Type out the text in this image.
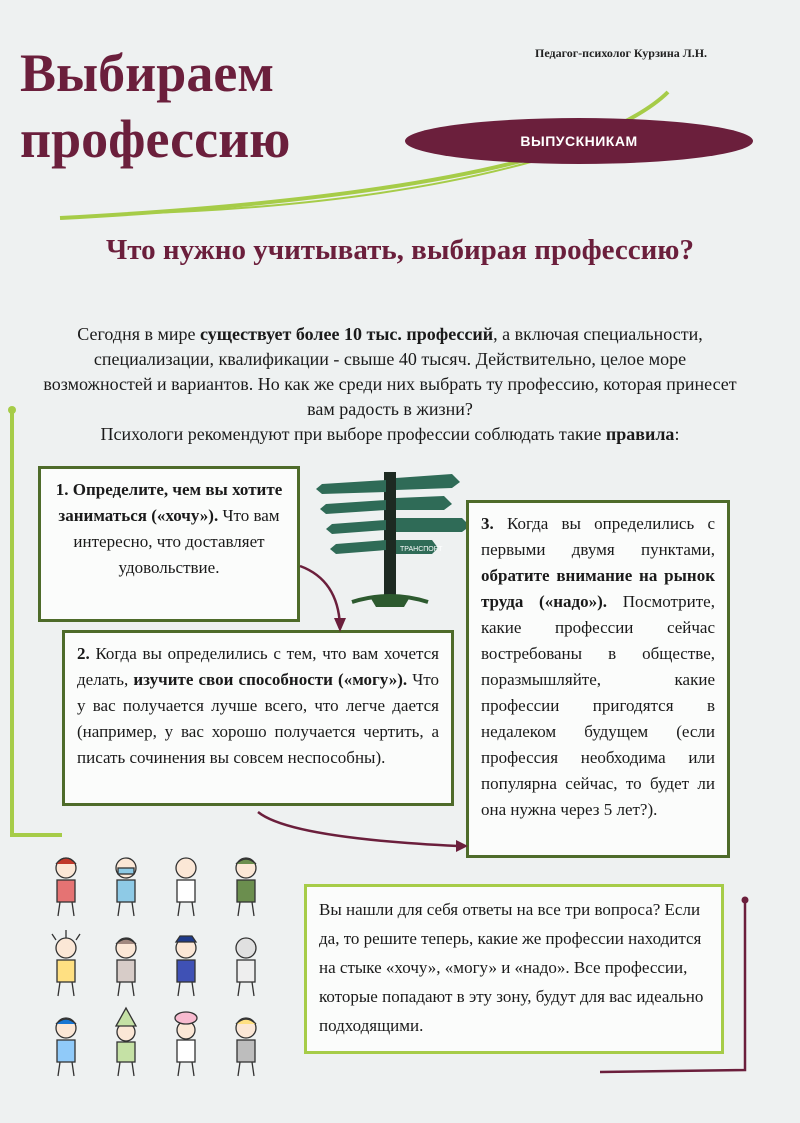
Выбираем
профессию
Педагог-психолог Курзина Л.Н.
ВЫПУСКНИКАМ
Что нужно учитывать, выбирая профессию?
Сегодня в мире существует более 10 тыс. профессий, а включая специальности, специализации, квалификации - свыше 40 тысяч. Действительно, целое море возможностей и вариантов. Но как же среди них выбрать ту профессию, которая принесет вам радость в жизни?
Психологи рекомендуют при выборе профессии соблюдать такие правила:
1. Определите, чем вы хотите заниматься («хочу»). Что вам интересно, что доставляет удовольствие.
ТРАНСПОРТ
2. Когда вы определились с тем, что вам хочется делать, изучите свои способности («могу»). Что у вас получается лучше всего, что легче дается (например, у вас хорошо получается чертить, а писать сочинения вы совсем неспособны).
3. Когда вы определились с первыми двумя пунктами, обратите внимание на рынок труда («надо»). Посмотрите, какие профессии сейчас востребованы в обществе, поразмышляйте, какие профессии пригодятся в недалеком будущем (если профессия необходима или популярна сейчас, то будет ли она нужна через 5 лет?).
Вы нашли для себя ответы на все три вопроса? Если да, то решите теперь, какие же профессии находится на стыке «хочу», «могу» и «надо». Все профессии, которые попадают в эту зону, будут для вас идеально подходящими.
